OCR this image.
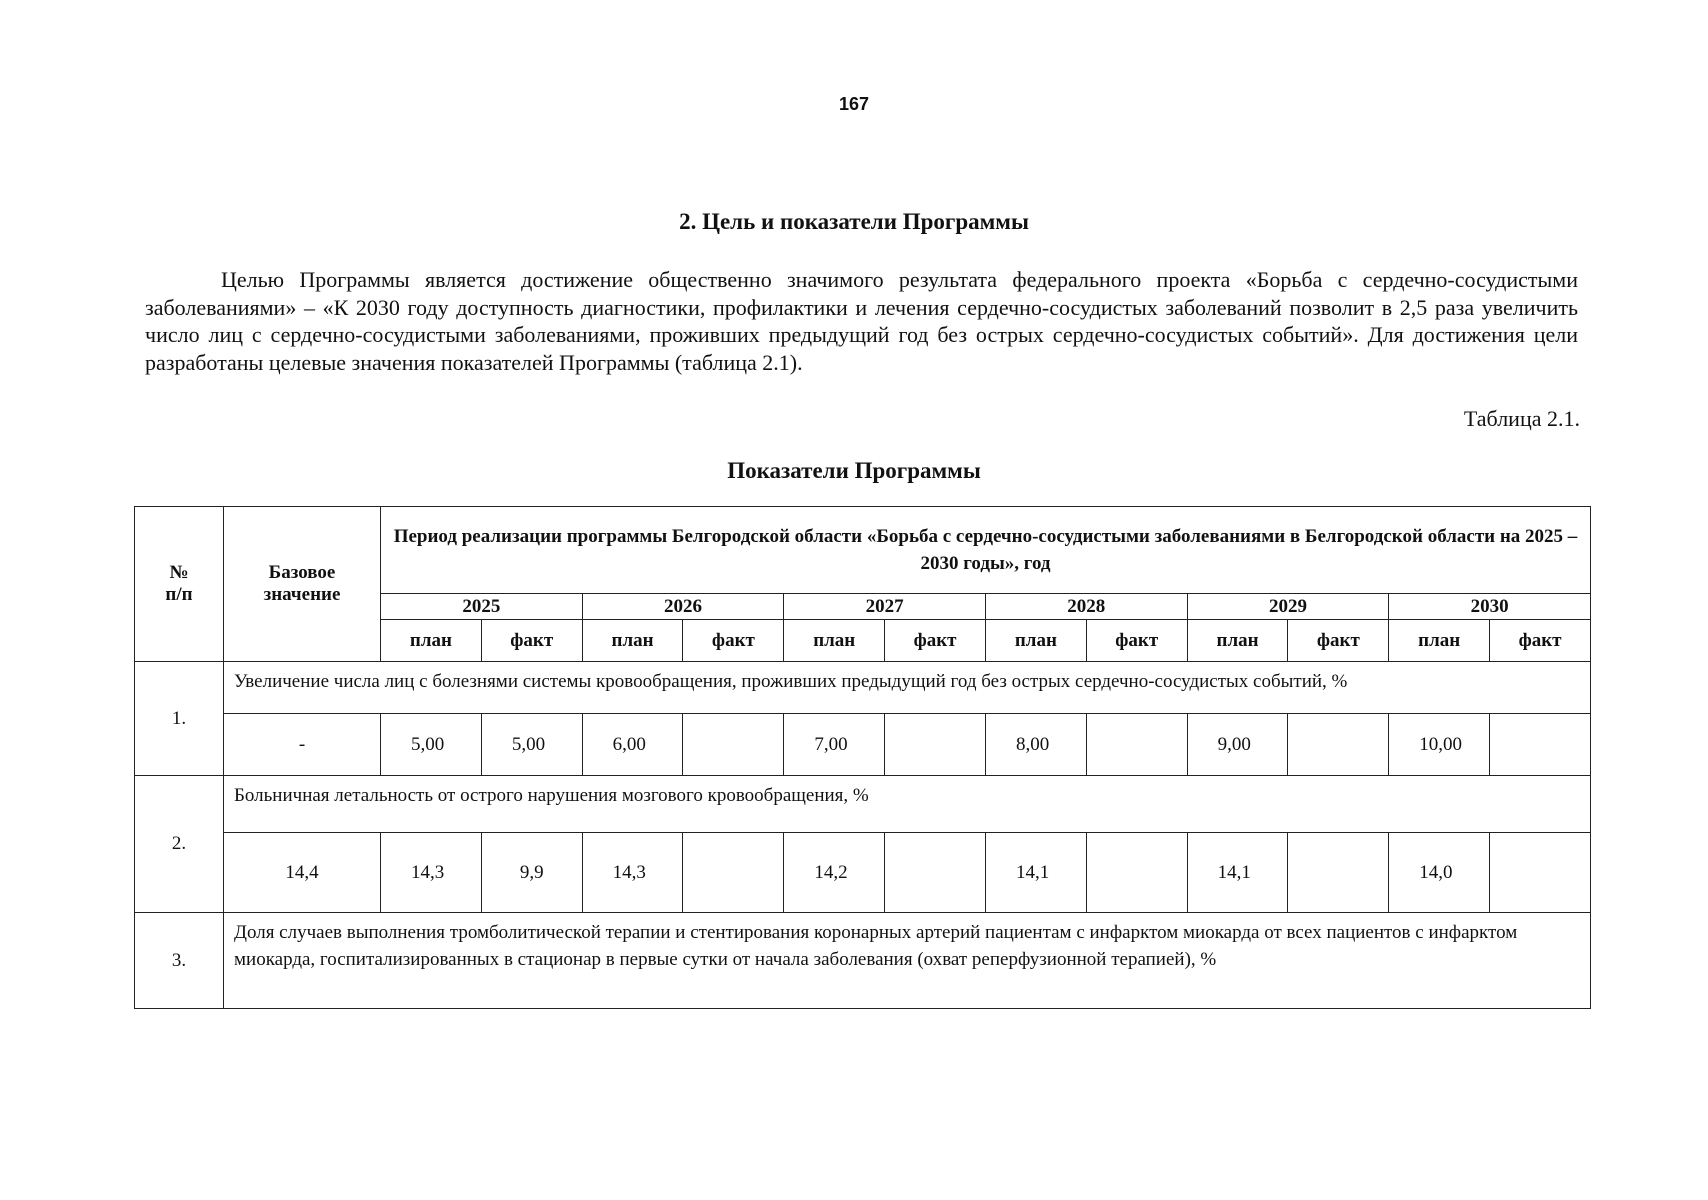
167
2. Цель и показатели Программы

Целью Программы является достижение общественно значимого результата федерального проекта «Борьба с сердечно-сосудистыми заболеваниями» – «К 2030 году доступность диагностики, профилактики и лечения сердечно-сосудистых заболеваний позволит в 2,5 раза увеличить число лиц с сердечно-сосудистыми заболеваниями, проживших предыдущий год без острых сердечно-сосудистых событий». Для достижения цели разработаны целевые значения показателей Программы (таблица 2.1).

Таблица 2.1.
Показатели Программы
№ п/п	Базовое значение	Период реализации программы Белгородской области «Борьба с сердечно-сосудистыми заболеваниями в Белгородской области на 2025 – 2030 годы», год											
		2025		2026		2027		2028		2029		2030	
		план	факт	план	факт	план	факт	план	факт	план	факт	план	факт
1.	Увеличение числа лиц с болезнями системы кровообращения, проживших предыдущий год без острых сердечно-сосудистых событий, %												
	-	5,00	5,00	6,00		7,00		8,00		9,00		10,00	
2.	Больничная летальность от острого нарушения мозгового кровообращения, %												
	14,4	14,3	9,9	14,3		14,2		14,1		14,1		14,0	
3.	Доля случаев выполнения тромболитической терапии и стентирования коронарных артерий пациентам с инфарктом миокарда от всех пациентов с инфарктом миокарда, госпитализированных в стационар в первые сутки от начала заболевания (охват реперфузионной терапией), %												
